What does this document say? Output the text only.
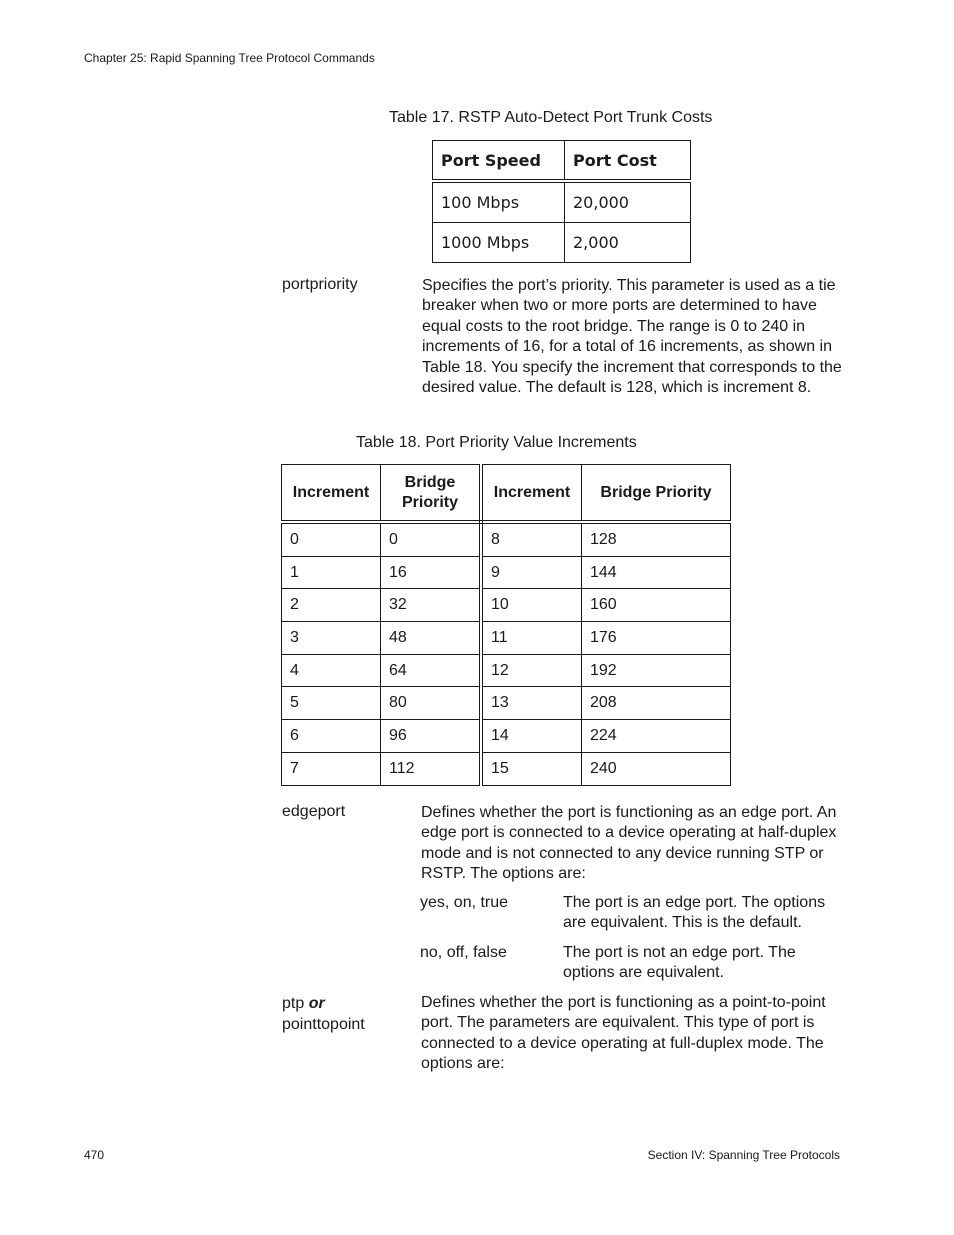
Chapter 25: Rapid Spanning Tree Protocol Commands
Table 17. RSTP Auto-Detect Port Trunk Costs
Port Speed	Port Cost
100 Mbps	20,000
1000 Mbps	2,000
portpriority	Specifies the port’s priority. This parameter is used as a tie breaker when two or more ports are determined to have equal costs to the root bridge. The range is 0 to 240 in increments of 16, for a total of 16 increments, as shown in Table 18. You specify the increment that corresponds to the desired value. The default is 128, which is increment 8.
Table 18. Port Priority Value Increments
Increment	Bridge Priority	Increment	Bridge Priority
0	0	8	128
1	16	9	144
2	32	10	160
3	48	11	176
4	64	12	192
5	80	13	208
6	96	14	224
7	112	15	240
edgeport	Defines whether the port is functioning as an edge port. An edge port is connected to a device operating at half-duplex mode and is not connected to any device running STP or RSTP. The options are:
yes, on, true	The port is an edge port. The options are equivalent. This is the default.
no, off, false	The port is not an edge port. The options are equivalent.
ptp or
pointtopoint
Defines whether the port is functioning as a point-to-point port. The parameters are equivalent. This type of port is connected to a device operating at full-duplex mode. The options are:
470	Section IV: Spanning Tree Protocols
